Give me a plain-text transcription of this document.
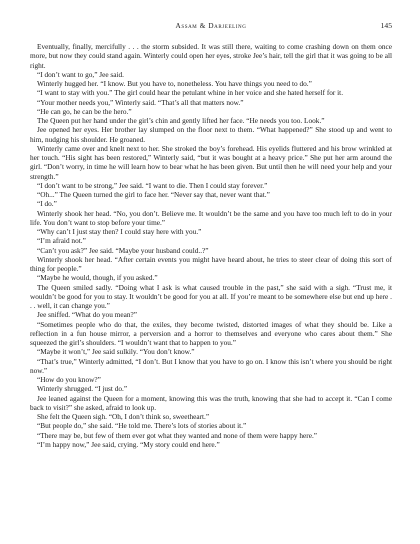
Assam & Darjeeling	145

Eventually, finally, mercifully . . . the storm subsided. It was still there, waiting to come crashing down on them once more, but now they could stand again. Winterly could open her eyes, stroke Jee’s hair, tell the girl that it was going to be all right.

“I don’t want to go,” Jee said.

Winterly hugged her. “I know. But you have to, nonetheless. You have things you need to do.”

“I want to stay with you.” The girl could hear the petulant whine in her voice and she hated herself for it.

“Your mother needs you,” Winterly said. “That’s all that matters now.”

“He can go, he can be the hero.”

The Queen put her hand under the girl’s chin and gently lifted her face. “He needs you too. Look.”

Jee opened her eyes. Her brother lay slumped on the floor next to them. “What happened?” She stood up and went to him, nudging his shoulder. He groaned.

Winterly came over and knelt next to her. She stroked the boy’s forehead. His eyelids fluttered and his brow wrinkled at her touch. “His sight has been restored,” Winterly said, “but it was bought at a heavy price.” She put her arm around the girl. “Don’t worry, in time he will learn how to bear what he has been given. But until then he will need your help and your strength.”

“I don’t want to be strong,” Jee said. “I want to die. Then I could stay forever.”

“Oh...” The Queen turned the girl to face her. “Never say that, never want that.”

“I do.”

Winterly shook her head. “No, you don’t. Believe me. It wouldn’t be the same and you have too much left to do in your life. You don’t want to stop before your time.”

“Why can’t I just stay then? I could stay here with you.”

“I’m afraid not.”

“Can’t you ask?” Jee said. “Maybe your husband could..?”

Winterly shook her head. “After certain events you might have heard about, he tries to steer clear of doing this sort of thing for people.”

“Maybe he would, though, if you asked.”

The Queen smiled sadly. “Doing what I ask is what caused trouble in the past,” she said with a sigh. “Trust me, it wouldn’t be good for you to stay. It wouldn’t be good for you at all. If you’re meant to be somewhere else but end up here . . . well, it can change you.”

Jee sniffed. “What do you mean?”

“Sometimes people who do that, the exiles, they become twisted, distorted images of what they should be. Like a reflection in a fun house mirror, a perversion and a horror to themselves and everyone who cares about them.” She squeezed the girl’s shoulders. “I wouldn’t want that to happen to you.”

“Maybe it won’t,” Jee said sulkily. “You don’t know.”

“That’s true,” Winterly admitted, “I don’t. But I know that you have to go on. I know this isn’t where you should be right now.”

“How do you know?”

Winterly shrugged. “I just do.”

Jee leaned against the Queen for a moment, knowing this was the truth, knowing that she had to accept it. “Can I come back to visit?” she asked, afraid to look up.

She felt the Queen sigh. “Oh, I don’t think so, sweetheart.”

“But people do,” she said. “He told me. There’s lots of stories about it.”

“There may be, but few of them ever got what they wanted and none of them were happy here.”

“I’m happy now,” Jee said, crying. “My story could end here.”
